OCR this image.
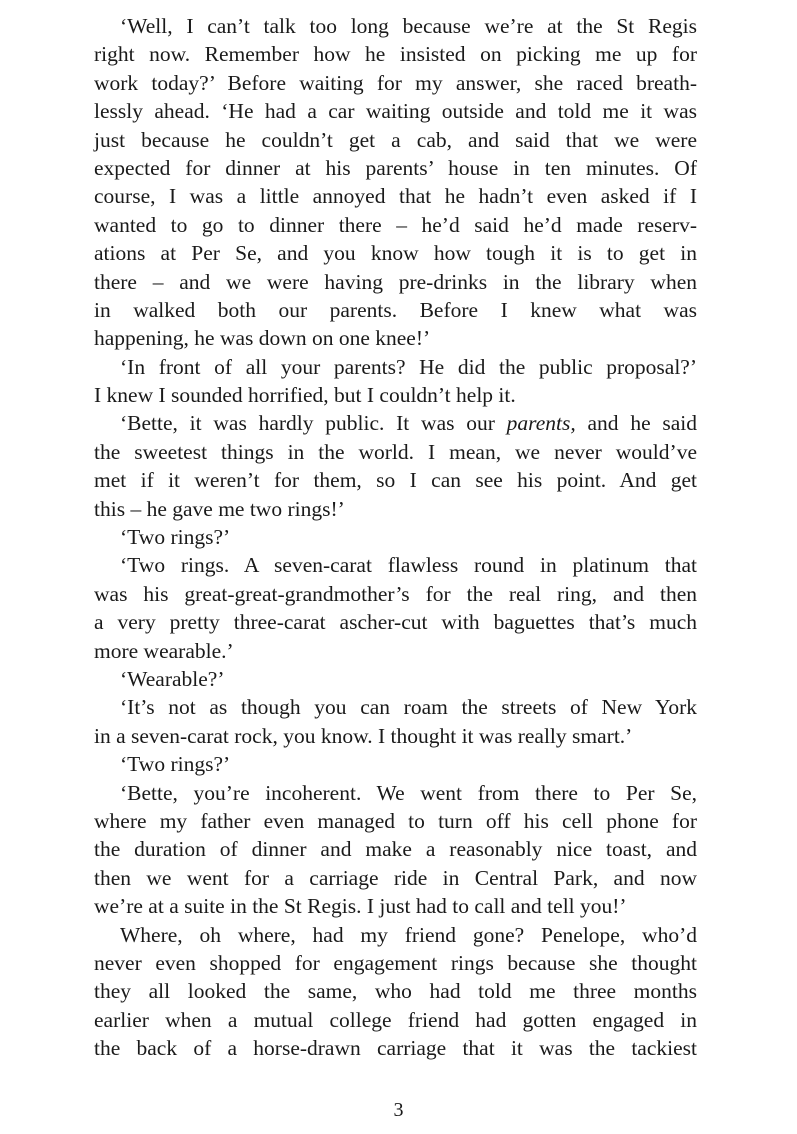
‘Well, I can’t talk too long because we’re at the St Regis
right now. Remember how he insisted on picking me up for
work today?’ Before waiting for my answer, she raced breath-
lessly ahead. ‘He had a car waiting outside and told me it was
just because he couldn’t get a cab, and said that we were
expected for dinner at his parents’ house in ten minutes. Of
course, I was a little annoyed that he hadn’t even asked if I
wanted to go to dinner there – he’d said he’d made reserv-
ations at Per Se, and you know how tough it is to get in
there – and we were having pre-drinks in the library when
in walked both our parents. Before I knew what was
happening, he was down on one knee!’
‘In front of all your parents? He did the public proposal?’
I knew I sounded horrified, but I couldn’t help it.
‘Bette, it was hardly public. It was our parents, and he said
the sweetest things in the world. I mean, we never would’ve
met if it weren’t for them, so I can see his point. And get
this – he gave me two rings!’
‘Two rings?’
‘Two rings. A seven-carat flawless round in platinum that
was his great-great-grandmother’s for the real ring, and then
a very pretty three-carat ascher-cut with baguettes that’s much
more wearable.’
‘Wearable?’
‘It’s not as though you can roam the streets of New York
in a seven-carat rock, you know. I thought it was really smart.’
‘Two rings?’
‘Bette, you’re incoherent. We went from there to Per Se,
where my father even managed to turn off his cell phone for
the duration of dinner and make a reasonably nice toast, and
then we went for a carriage ride in Central Park, and now
we’re at a suite in the St Regis. I just had to call and tell you!’
Where, oh where, had my friend gone? Penelope, who’d
never even shopped for engagement rings because she thought
they all looked the same, who had told me three months
earlier when a mutual college friend had gotten engaged in
the back of a horse-drawn carriage that it was the tackiest
3
